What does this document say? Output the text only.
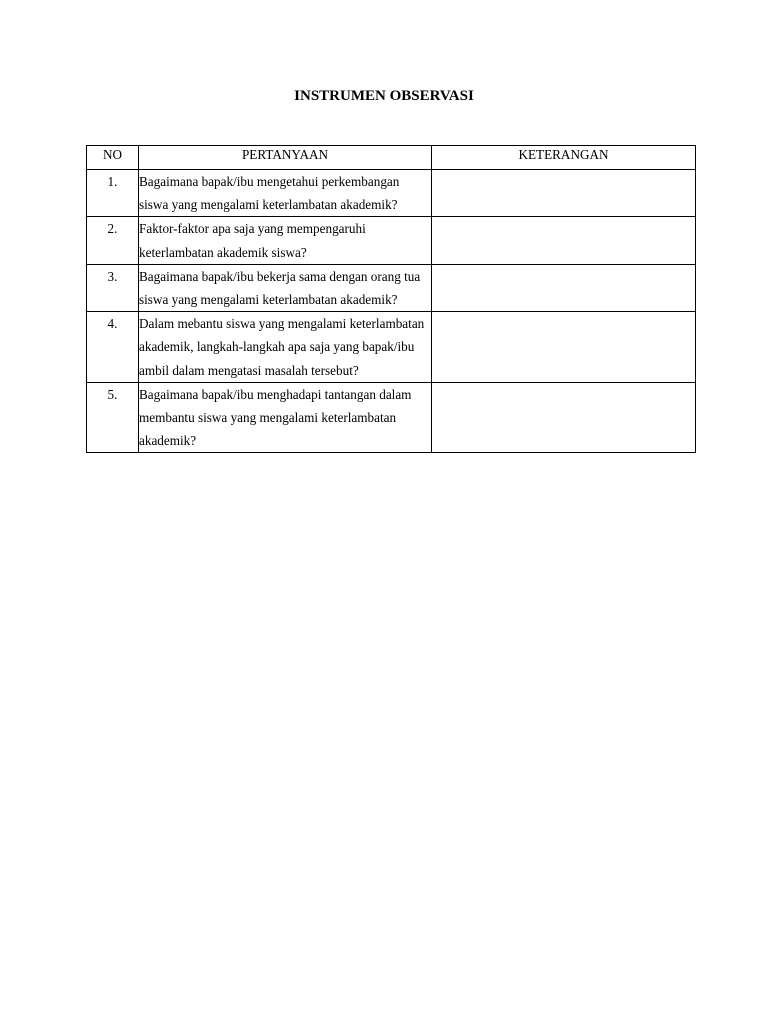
INSTRUMEN OBSERVASI
NO	PERTANYAAN	KETERANGAN
1.	Bagaimana bapak/ibu mengetahui perkembangan siswa yang mengalami keterlambatan akademik?	
2.	Faktor-faktor apa saja yang mempengaruhi keterlambatan akademik siswa?	
3.	Bagaimana bapak/ibu bekerja sama dengan orang tua siswa yang mengalami keterlambatan akademik?	
4.	Dalam mebantu siswa yang mengalami keterlambatan akademik, langkah-langkah apa saja yang bapak/ibu ambil dalam mengatasi masalah tersebut?	
5.	Bagaimana bapak/ibu menghadapi tantangan dalam membantu siswa yang mengalami keterlambatan akademik?	
